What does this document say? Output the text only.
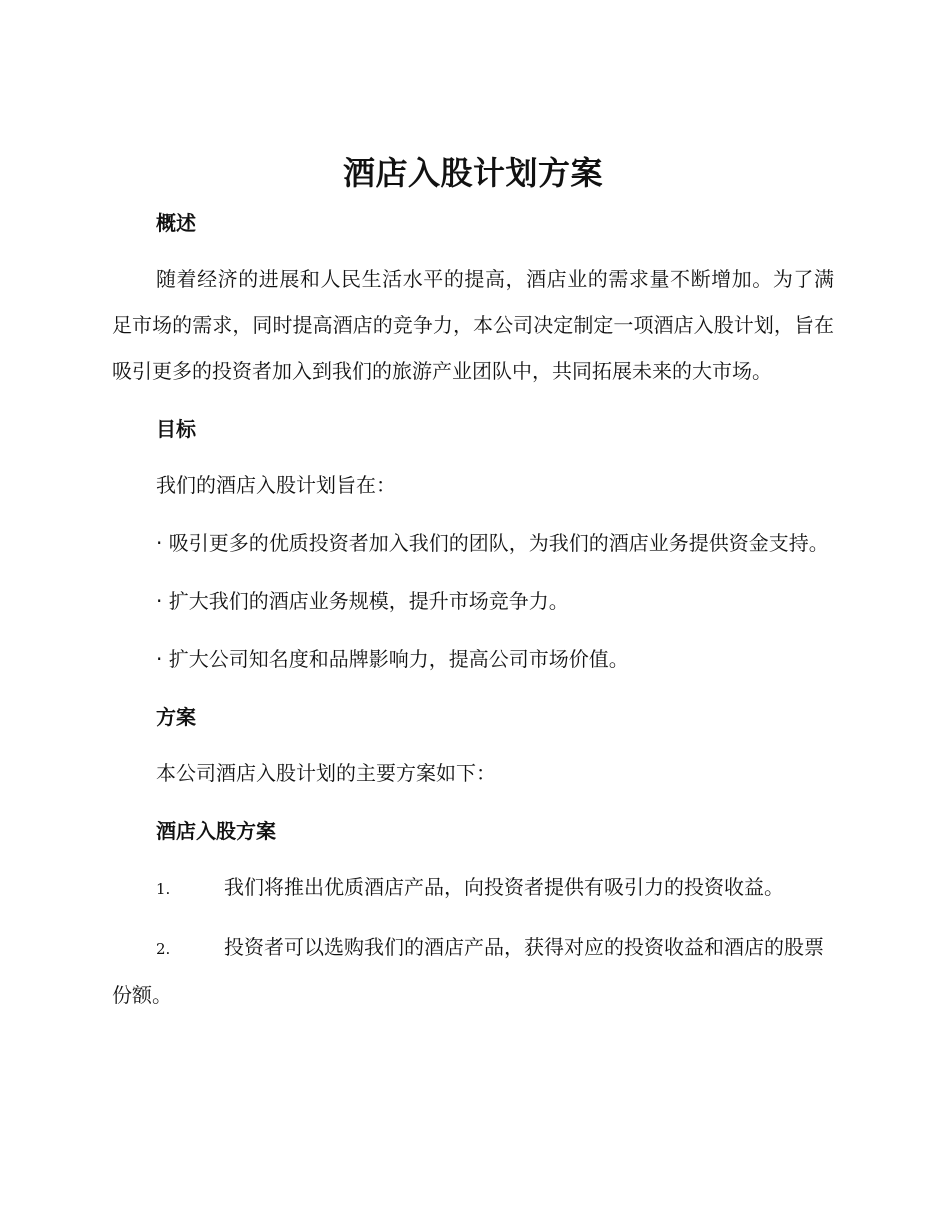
酒店入股计划方案
概述

随着经济的进展和人民生活水平的提高，酒店业的需求量不断增加。为了满足市场的需求，同时提高酒店的竞争力，本公司决定制定一项酒店入股计划，旨在吸引更多的投资者加入到我们的旅游产业团队中，共同拓展未来的大市场。

目标

我们的酒店入股计划旨在：

· 吸引更多的优质投资者加入我们的团队，为我们的酒店业务提供资金支持。

· 扩大我们的酒店业务规模，提升市场竞争力。

· 扩大公司知名度和品牌影响力，提高公司市场价值。

方案

本公司酒店入股计划的主要方案如下：

酒店入股方案

1.	我们将推出优质酒店产品，向投资者提供有吸引力的投资收益。

2.	投资者可以选购我们的酒店产品，获得对应的投资收益和酒店的股票份额。
